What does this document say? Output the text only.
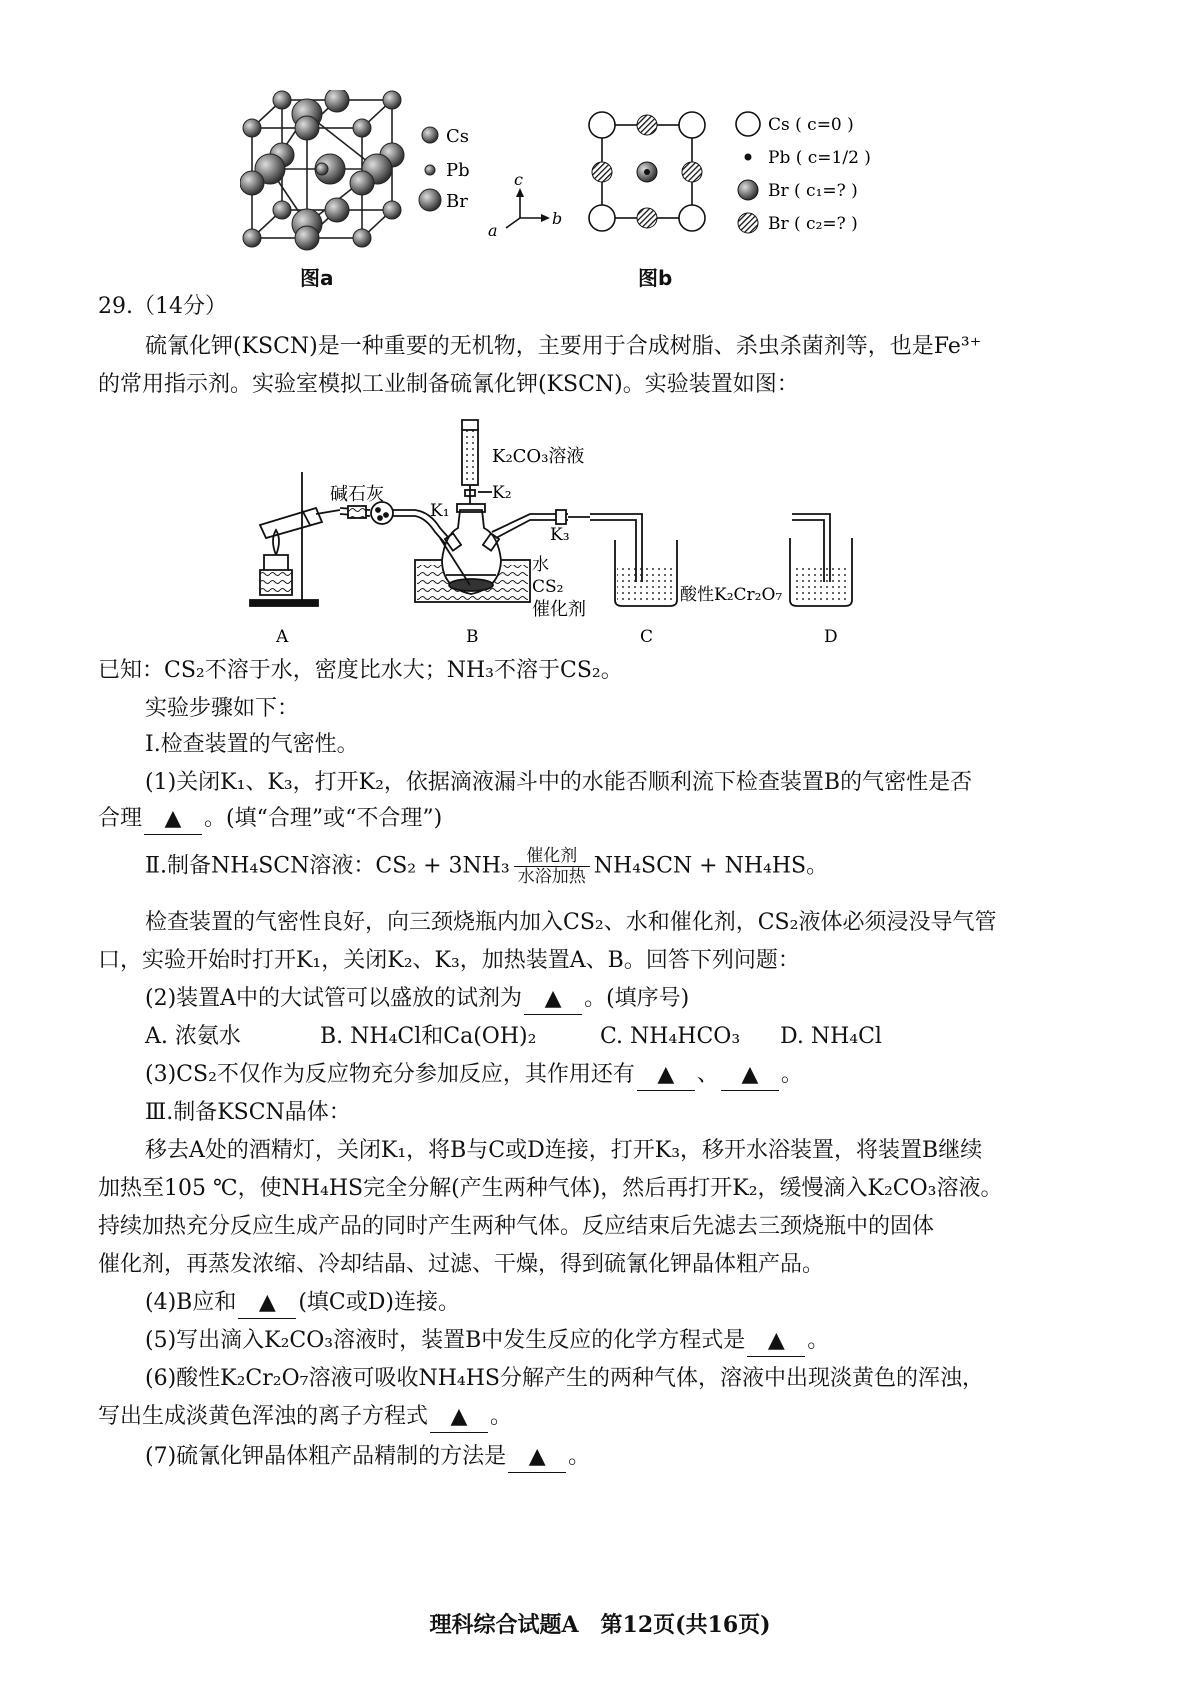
Cs
Pb
Br
图a
c
a
b
Cs ( c=0 )
Pb ( c=1/2 )
Br ( c₁=? )
Br ( c₂=? )
图b
29.（14分）
硫氰化钾(KSCN)是一种重要的无机物，主要用于合成树脂、杀虫杀菌剂等，也是Fe³⁺
的常用指示剂。实验室模拟工业制备硫氰化钾(KSCN)。实验装置如图：
碱石灰
K₂CO₃溶液
K₂
K₁
K₃
水
CS₂
催化剂
酸性K₂Cr₂O₇
A	B	C	D
已知：CS₂不溶于水，密度比水大；NH₃不溶于CS₂。
实验步骤如下：
Ⅰ.检查装置的气密性。
(1)关闭K₁、K₃，打开K₂，依据滴液漏斗中的水能否顺利流下检查装置B的气密性是否
合理 ▲ 。(填“合理”或“不合理”)
Ⅱ.制备NH₄SCN溶液：$CS_2 + 3NH_3 \frac{\text{催化剂}}{\text{水浴加热}} NH_4SCN + NH_4HS$。
检查装置的气密性良好，向三颈烧瓶内加入CS₂、水和催化剂，CS₂液体必须浸没导气管
口，实验开始时打开K₁，关闭K₂、K₃，加热装置A、B。回答下列问题：
(2)装置A中的大试管可以盛放的试剂为 ▲ 。(填序号)
A. 浓氨水	B. NH₄Cl和Ca(OH)₂	C. NH₄HCO₃ D. NH₄Cl
(3)CS₂不仅作为反应物充分参加反应，其作用还有 ▲ 、 ▲ 。
Ⅲ.制备KSCN晶体：
移去A处的酒精灯，关闭K₁，将B与C或D连接，打开K₃，移开水浴装置，将装置B继续
加热至105 ℃，使NH₄HS完全分解(产生两种气体)，然后再打开K₂，缓慢滴入K₂CO₃溶液。
持续加热充分反应生成产品的同时产生两种气体。反应结束后先滤去三颈烧瓶中的固体
催化剂，再蒸发浓缩、冷却结晶、过滤、干燥，得到硫氰化钾晶体粗产品。
(4)B应和 ▲ (填C或D)连接。
(5)写出滴入K₂CO₃溶液时，装置B中发生反应的化学方程式是 ▲ 。
(6)酸性K₂Cr₂O₇溶液可吸收NH₄HS分解产生的两种气体，溶液中出现淡黄色的浑浊，
写出生成淡黄色浑浊的离子方程式 ▲ 。
(7)硫氰化钾晶体粗产品精制的方法是 ▲ 。
理科综合试题A　第12页(共16页)
